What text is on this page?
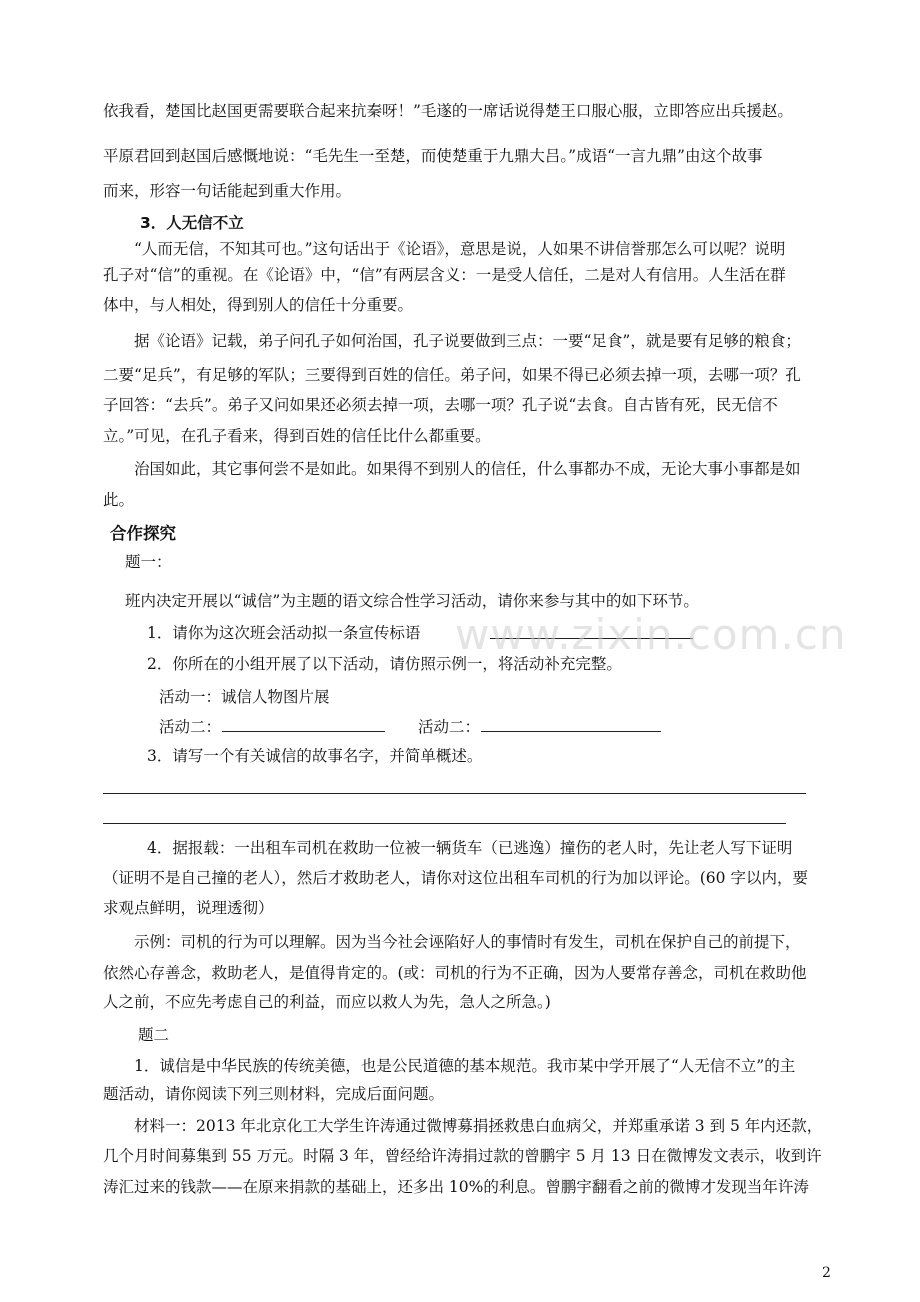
依我看，楚国比赵国更需要联合起来抗秦呀！”毛遂的一席话说得楚王口服心服，立即答应出兵援赵。
平原君回到赵国后感慨地说：“毛先生一至楚，而使楚重于九鼎大吕。”成语“一言九鼎”由这个故事
而来，形容一句话能起到重大作用。
3．人无信不立
“人而无信，不知其可也。”这句话出于《论语》，意思是说，人如果不讲信誉那怎么可以呢？说明
孔子对“信”的重视。在《论语》中，“信”有两层含义：一是受人信任，二是对人有信用。人生活在群
体中，与人相处，得到别人的信任十分重要。
据《论语》记载，弟子问孔子如何治国，孔子说要做到三点：一要“足食”，就是要有足够的粮食；
二要“足兵”，有足够的军队；三要得到百姓的信任。弟子问，如果不得已必须去掉一项，去哪一项？孔
子回答：“去兵”。弟子又问如果还必须去掉一项，去哪一项？孔子说“去食。自古皆有死，民无信不
立。”可见，在孔子看来，得到百姓的信任比什么都重要。
治国如此，其它事何尝不是如此。如果得不到别人的信任，什么事都办不成，无论大事小事都是如
此。
合作探究
题一：
班内决定开展以“诚信”为主题的语文综合性学习活动，请你来参与其中的如下环节。
1．请你为这次班会活动拟一条宣传标语
2．你所在的小组开展了以下活动，请仿照示例一，将活动补充完整。
活动一：诚信人物图片展
活动二：	活动二：
3．请写一个有关诚信的故事名字，并简单概述。
4．据报载：一出租车司机在救助一位被一辆货车（已逃逸）撞伤的老人时，先让老人写下证明
（证明不是自己撞的老人），然后才救助老人，请你对这位出租车司机的行为加以评论。(60 字以内，要
求观点鲜明，说理透彻）
示例：司机的行为可以理解。因为当今社会诬陷好人的事情时有发生，司机在保护自己的前提下，
依然心存善念，救助老人，是值得肯定的。(或：司机的行为不正确，因为人要常存善念，司机在救助他
人之前，不应先考虑自己的利益，而应以救人为先，急人之所急。)
题二
1．诚信是中华民族的传统美德，也是公民道德的基本规范。我市某中学开展了“人无信不立”的主
题活动，请你阅读下列三则材料，完成后面问题。
材料一：2013 年北京化工大学生许涛通过微博募捐拯救患白血病父，并郑重承诺 3 到 5 年内还款，
几个月时间募集到 55 万元。时隔 3 年，曾经给许涛捐过款的曾鹏宇 5 月 13 日在微博发文表示，收到许
涛汇过来的钱款——在原来捐款的基础上，还多出 10%的利息。曾鹏宇翻看之前的微博才发现当年许涛
www.zixin.com.cn
2
